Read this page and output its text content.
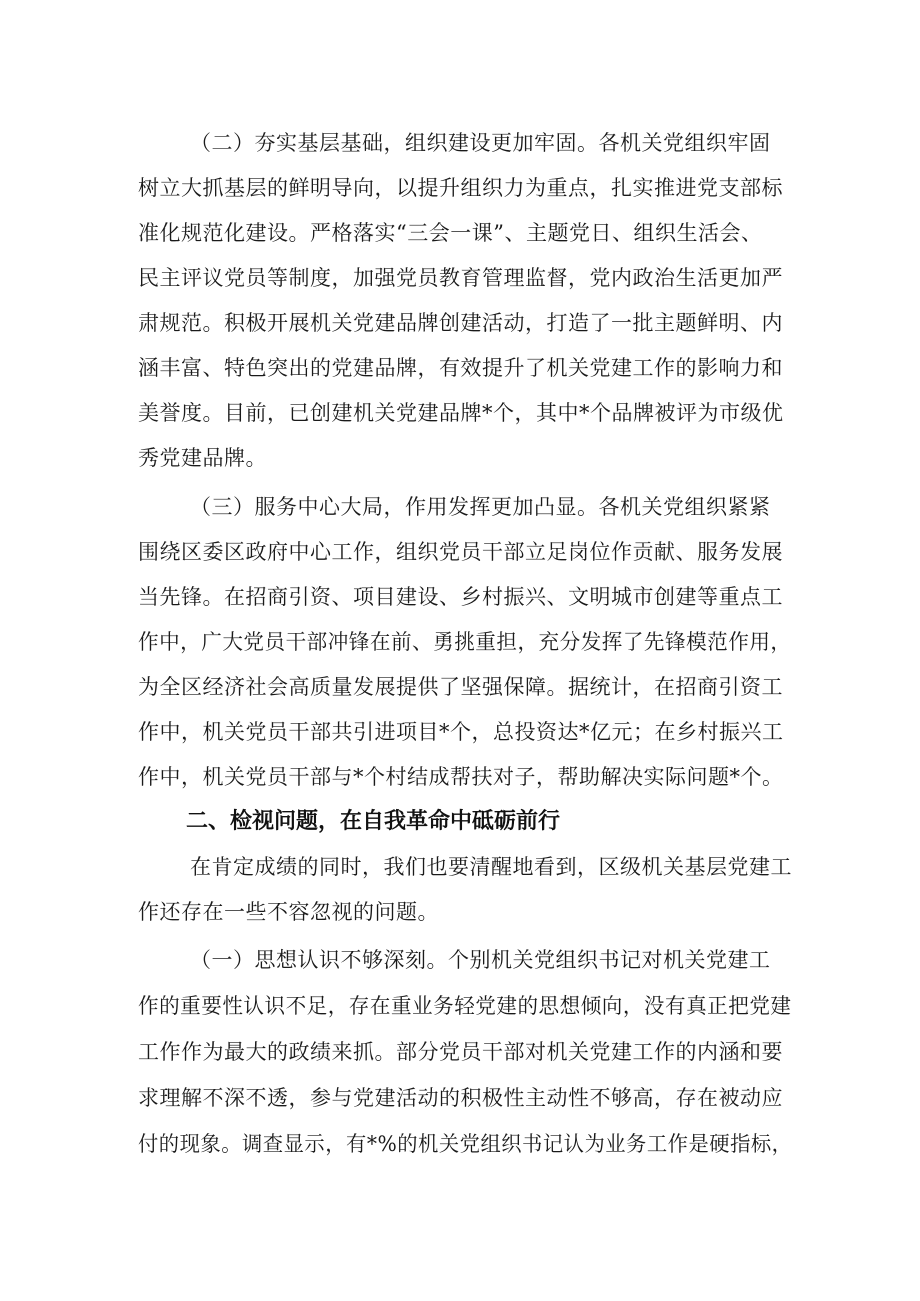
（二）夯实基层基础，组织建设更加牢固。各机关党组织牢固
树立大抓基层的鲜明导向，以提升组织力为重点，扎实推进党支部标
准化规范化建设。严格落实“三会一课”、主题党日、组织生活会、
民主评议党员等制度，加强党员教育管理监督，党内政治生活更加严
肃规范。积极开展机关党建品牌创建活动，打造了一批主题鲜明、内
涵丰富、特色突出的党建品牌，有效提升了机关党建工作的影响力和
美誉度。目前，已创建机关党建品牌*个，其中*个品牌被评为市级优
秀党建品牌。
（三）服务中心大局，作用发挥更加凸显。各机关党组织紧紧
围绕区委区政府中心工作，组织党员干部立足岗位作贡献、服务发展
当先锋。在招商引资、项目建设、乡村振兴、文明城市创建等重点工
作中，广大党员干部冲锋在前、勇挑重担，充分发挥了先锋模范作用，
为全区经济社会高质量发展提供了坚强保障。据统计，在招商引资工
作中，机关党员干部共引进项目*个，总投资达*亿元；在乡村振兴工
作中，机关党员干部与*个村结成帮扶对子，帮助解决实际问题*个。
二、检视问题，在自我革命中砥砺前行
在肯定成绩的同时，我们也要清醒地看到，区级机关基层党建工
作还存在一些不容忽视的问题。
（一）思想认识不够深刻。个别机关党组织书记对机关党建工
作的重要性认识不足，存在重业务轻党建的思想倾向，没有真正把党建
工作作为最大的政绩来抓。部分党员干部对机关党建工作的内涵和要
求理解不深不透，参与党建活动的积极性主动性不够高，存在被动应
付的现象。调查显示，有*%的机关党组织书记认为业务工作是硬指标，
